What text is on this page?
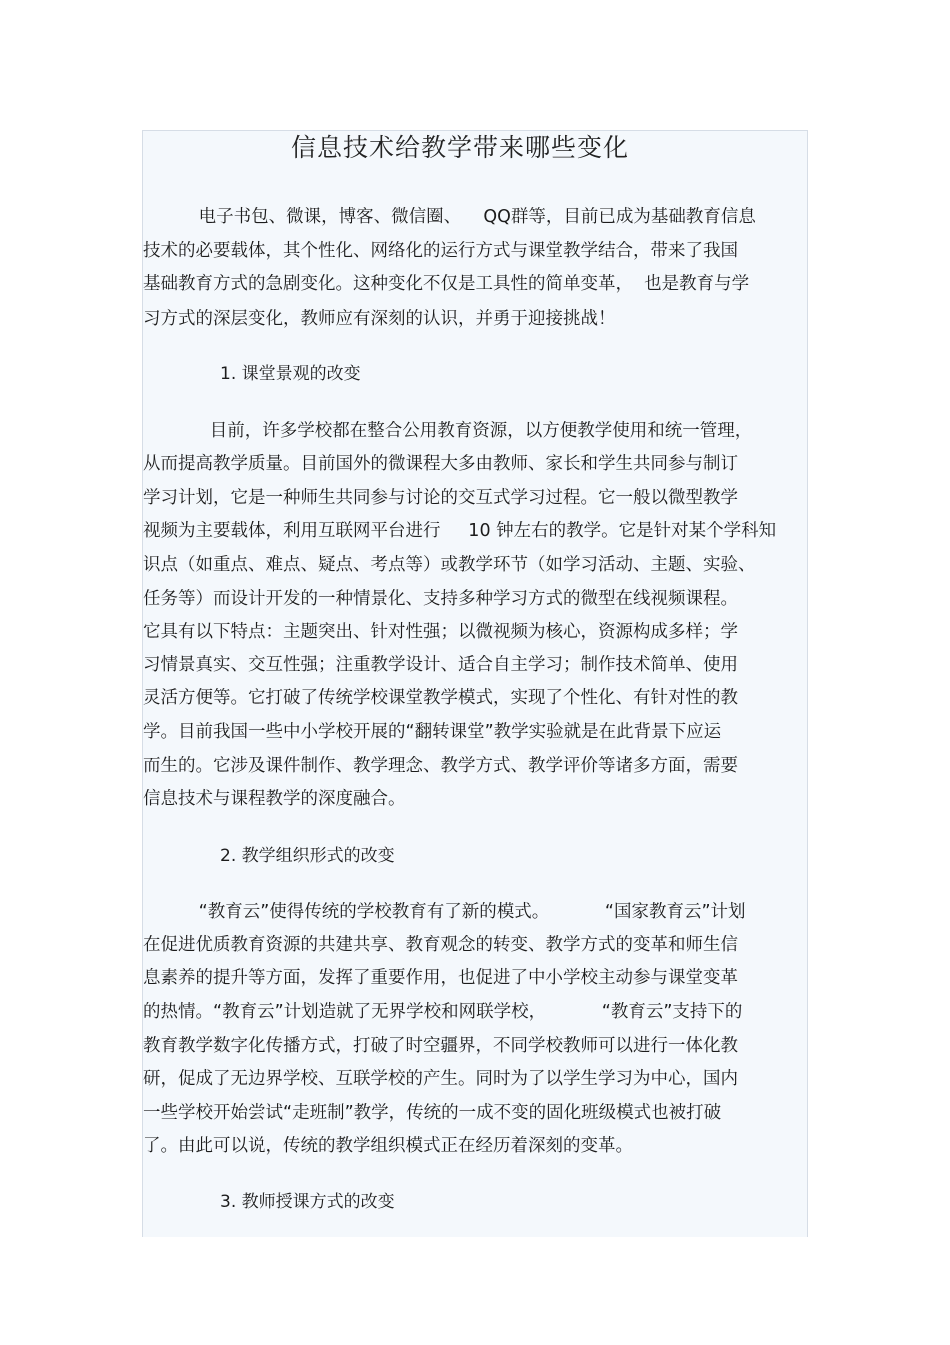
信息技术给教学带来哪些变化
电子书包、微课，博客、微信圈、    QQ群等，目前已成为基础教育信息
技术的必要载体，其个性化、网络化的运行方式与课堂教学结合，带来了我国
基础教育方式的急剧变化。这种变化不仅是工具性的简单变革，  也是教育与学
习方式的深层变化，教师应有深刻的认识，并勇于迎接挑战！
1. 课堂景观的改变
目前，许多学校都在整合公用教育资源，以方便教学使用和统一管理，
从而提高教学质量。目前国外的微课程大多由教师、家长和学生共同参与制订
学习计划，它是一种师生共同参与讨论的交互式学习过程。它一般以微型教学
视频为主要载体，利用互联网平台进行     10 钟左右的教学。它是针对某个学科知
识点（如重点、难点、疑点、考点等）或教学环节（如学习活动、主题、实验、
任务等）而设计开发的一种情景化、支持多种学习方式的微型在线视频课程。
它具有以下特点：主题突出、针对性强；以微视频为核心，资源构成多样；学
习情景真实、交互性强；注重教学设计、适合自主学习；制作技术简单、使用
灵活方便等。它打破了传统学校课堂教学模式，实现了个性化、有针对性的教
学。目前我国一些中小学校开展的“翻转课堂”教学实验就是在此背景下应运
而生的。它涉及课件制作、教学理念、教学方式、教学评价等诸多方面，需要
信息技术与课程教学的深度融合。
2. 教学组织形式的改变
“教育云”使得传统的学校教育有了新的模式。          “国家教育云”计划
在促进优质教育资源的共建共享、教育观念的转变、教学方式的变革和师生信
息素养的提升等方面，发挥了重要作用，也促进了中小学校主动参与课堂变革
的热情。“教育云”计划造就了无界学校和网联学校，          “教育云”支持下的
教育教学数字化传播方式，打破了时空疆界，不同学校教师可以进行一体化教
研，促成了无边界学校、互联学校的产生。同时为了以学生学习为中心，国内
一些学校开始尝试“走班制”教学，传统的一成不变的固化班级模式也被打破
了。由此可以说，传统的教学组织模式正在经历着深刻的变革。
3. 教师授课方式的改变
